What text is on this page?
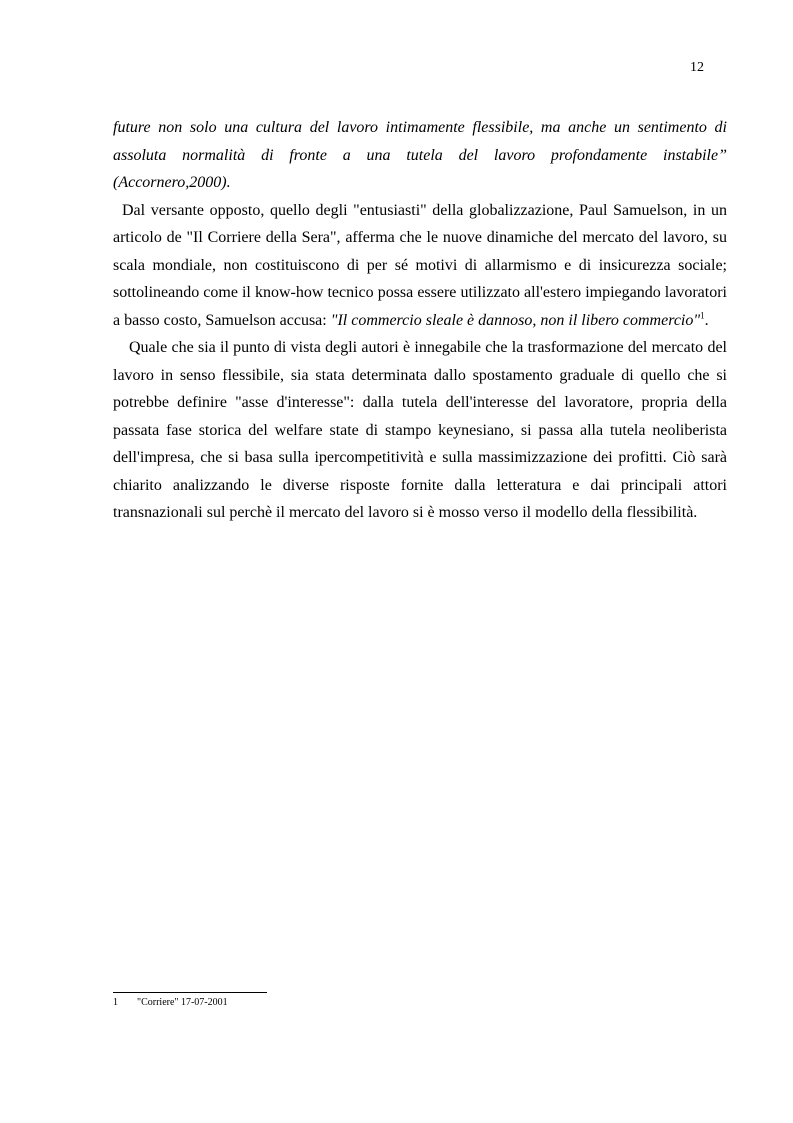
12

future non solo una cultura del lavoro intimamente flessibile, ma anche un sentimento di assoluta normalità di fronte a una tutela del lavoro profondamente instabile” (Accornero,2000).

Dal versante opposto, quello degli "entusiasti" della globalizzazione, Paul Samuelson, in un articolo de "Il Corriere della Sera", afferma che le nuove dinamiche del mercato del lavoro, su scala mondiale, non costituiscono di per sé motivi di allarmismo e di insicurezza sociale; sottolineando come il know-how tecnico possa essere utilizzato all'estero impiegando lavoratori a basso costo, Samuelson accusa: "Il commercio sleale è dannoso, non il libero commercio"$^1$.

Quale che sia il punto di vista degli autori è innegabile che la trasformazione del mercato del lavoro in senso flessibile, sia stata determinata dallo spostamento graduale di quello che si potrebbe definire "asse d'interesse": dalla tutela dell'interesse del lavoratore, propria della passata fase storica del welfare state di stampo keynesiano, si passa alla tutela neoliberista dell'impresa, che si basa sulla ipercompetitività e sulla massimizzazione dei profitti. Ciò sarà chiarito analizzando le diverse risposte fornite dalla letteratura e dai principali attori transnazionali sul perchè il mercato del lavoro si è mosso verso il modello della flessibilità.

1 "Corriere" 17-07-2001
